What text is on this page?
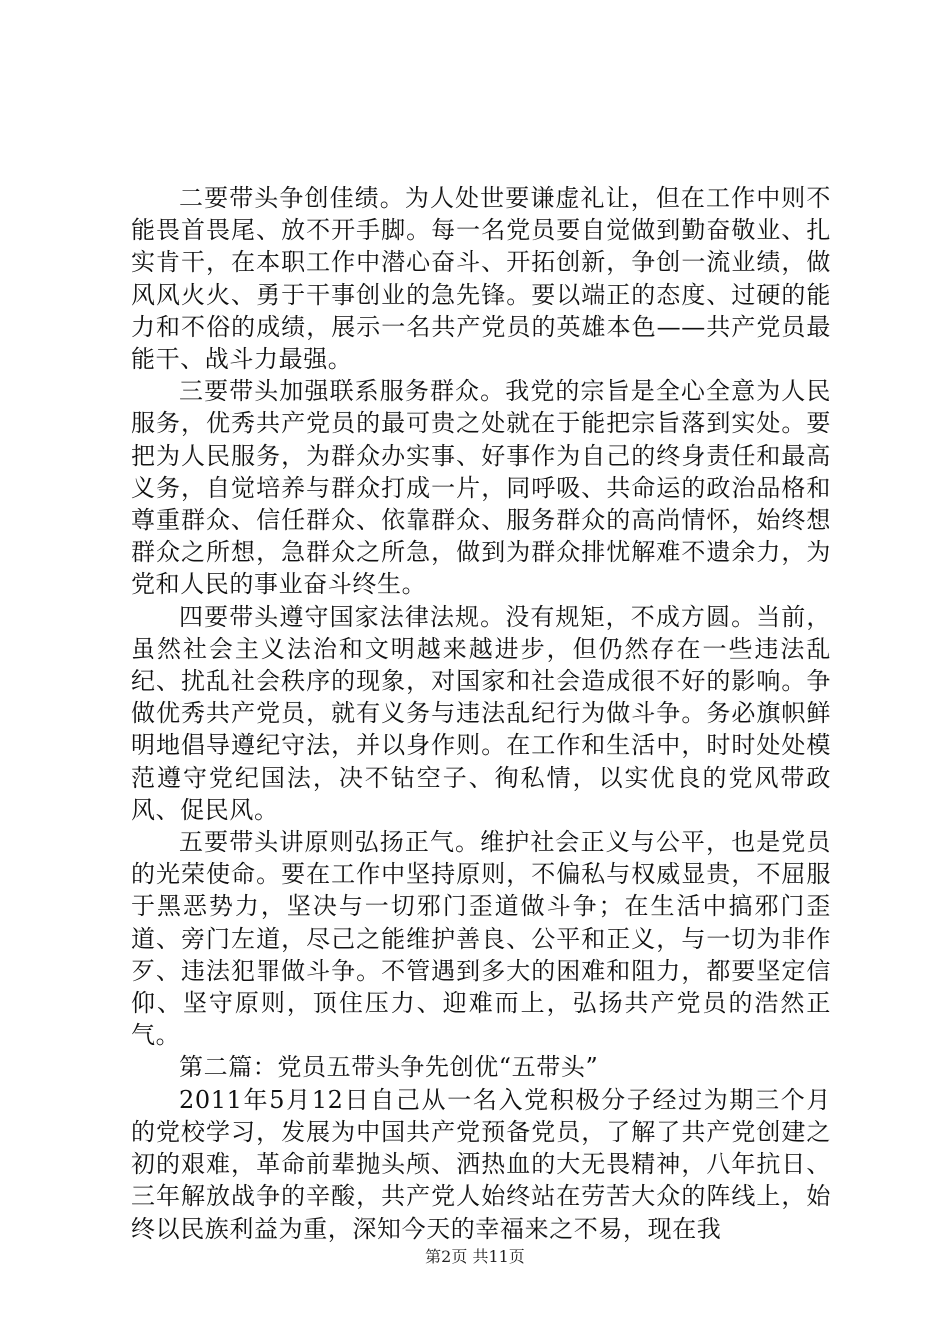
二要带头争创佳绩。为人处世要谦虚礼让，但在工作中则不能畏首畏尾、放不开手脚。每一名党员要自觉做到勤奋敬业、扎实肯干，在本职工作中潜心奋斗、开拓创新，争创一流业绩，做风风火火、勇于干事创业的急先锋。要以端正的态度、过硬的能力和不俗的成绩，展示一名共产党员的英雄本色——共产党员最能干、战斗力最强。

三要带头加强联系服务群众。我党的宗旨是全心全意为人民服务，优秀共产党员的最可贵之处就在于能把宗旨落到实处。要把为人民服务，为群众办实事、好事作为自己的终身责任和最高义务，自觉培养与群众打成一片，同呼吸、共命运的政治品格和尊重群众、信任群众、依靠群众、服务群众的高尚情怀，始终想群众之所想，急群众之所急，做到为群众排忧解难不遗余力，为党和人民的事业奋斗终生。

四要带头遵守国家法律法规。没有规矩，不成方圆。当前，虽然社会主义法治和文明越来越进步，但仍然存在一些违法乱纪、扰乱社会秩序的现象，对国家和社会造成很不好的影响。争做优秀共产党员，就有义务与违法乱纪行为做斗争。务必旗帜鲜明地倡导遵纪守法，并以身作则。在工作和生活中，时时处处模范遵守党纪国法，决不钻空子、徇私情，以实优良的党风带政风、促民风。

五要带头讲原则弘扬正气。维护社会正义与公平，也是党员的光荣使命。要在工作中坚持原则，不偏私与权威显贵，不屈服于黑恶势力，坚决与一切邪门歪道做斗争；在生活中搞邪门歪道、旁门左道，尽己之能维护善良、公平和正义，与一切为非作歹、违法犯罪做斗争。不管遇到多大的困难和阻力，都要坚定信仰、坚守原则，顶住压力、迎难而上，弘扬共产党员的浩然正气。

第二篇：党员五带头争先创优“五带头”

2011年5月12日自己从一名入党积极分子经过为期三个月的党校学习，发展为中国共产党预备党员，了解了共产党创建之初的艰难，革命前辈抛头颅、洒热血的大无畏精神，八年抗日、三年解放战争的辛酸，共产党人始终站在劳苦大众的阵线上，始终以民族利益为重，深知今天的幸福来之不易，现在我

第2页 共11页
